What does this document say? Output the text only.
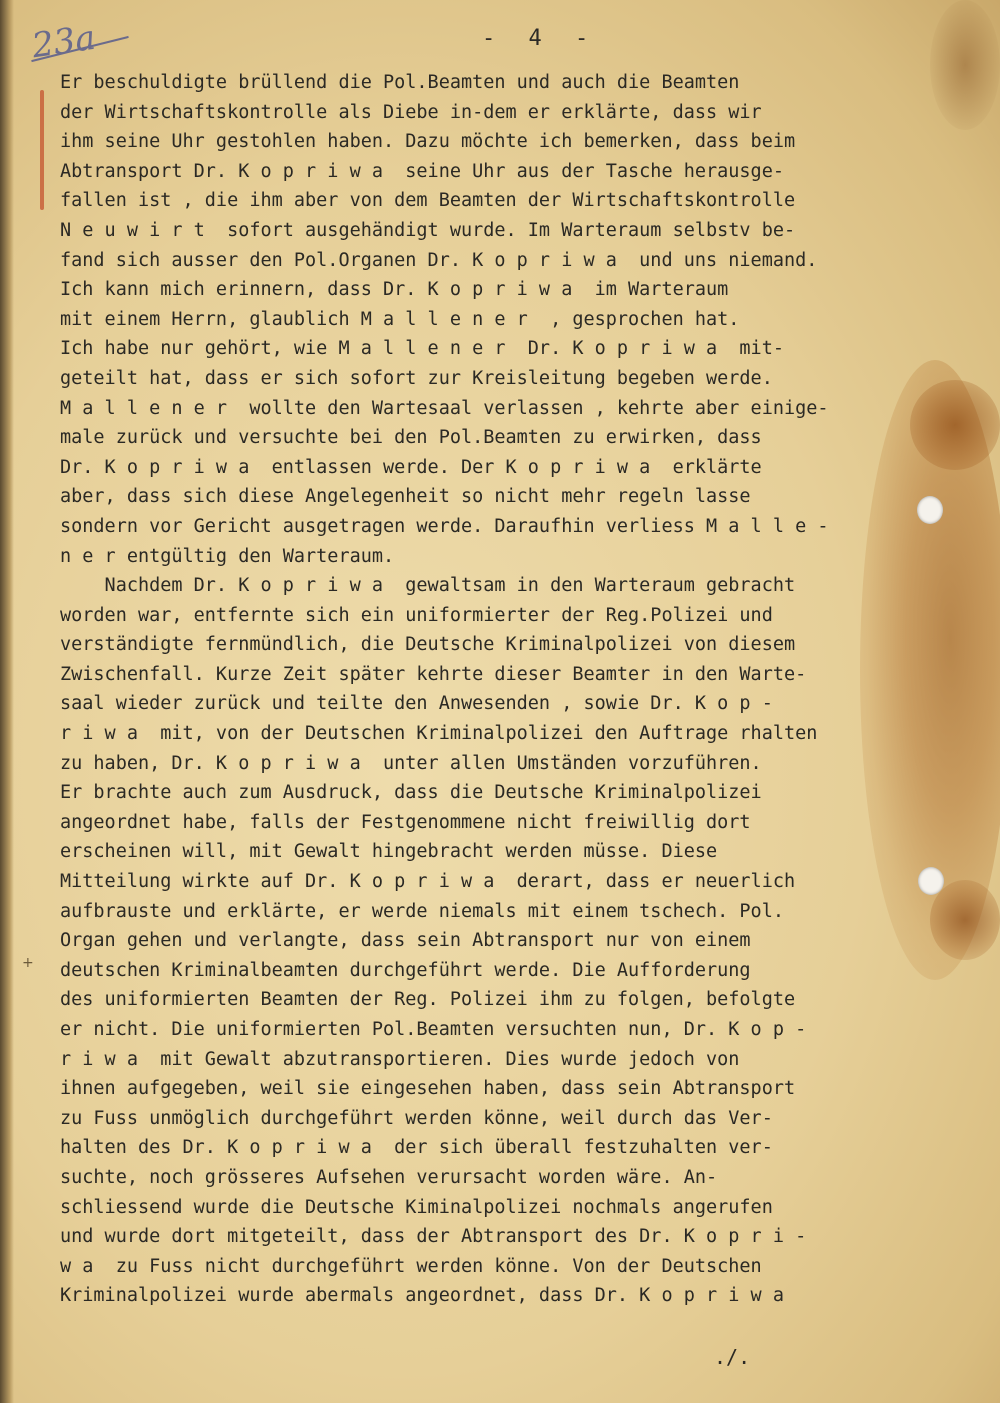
23a	- 4 -
+
Er beschuldigte brüllend die Pol.Beamten und auch die Beamten
der Wirtschaftskontrolle als Diebe in-dem er erklärte, dass wir
ihm seine Uhr gestohlen haben. Dazu möchte ich bemerken, dass beim
Abtransport Dr. K o p r i w a  seine Uhr aus der Tasche herausge-
fallen ist , die ihm aber von dem Beamten der Wirtschaftskontrolle
N e u w i r t  sofort ausgehändigt wurde. Im Warteraum selbstv be-
fand sich ausser den Pol.Organen Dr. K o p r i w a  und uns niemand.
Ich kann mich erinnern, dass Dr. K o p r i w a  im Warteraum
mit einem Herrn, glaublich M a l l e n e r  , gesprochen hat.
Ich habe nur gehört, wie M a l l e n e r  Dr. K o p r i w a  mit-
geteilt hat, dass er sich sofort zur Kreisleitung begeben werde.
M a l l e n e r  wollte den Wartesaal verlassen , kehrte aber einige-
male zurück und versuchte bei den Pol.Beamten zu erwirken, dass
Dr. K o p r i w a  entlassen werde. Der K o p r i w a  erklärte
aber, dass sich diese Angelegenheit so nicht mehr regeln lasse
sondern vor Gericht ausgetragen werde. Daraufhin verliess M a l l e -
n e r entgültig den Warteraum.
Nachdem Dr. K o p r i w a  gewaltsam in den Warteraum gebracht
worden war, entfernte sich ein uniformierter der Reg.Polizei und
verständigte fernmündlich, die Deutsche Kriminalpolizei von diesem
Zwischenfall. Kurze Zeit später kehrte dieser Beamter in den Warte-
saal wieder zurück und teilte den Anwesenden , sowie Dr. K o p -
r i w a  mit, von der Deutschen Kriminalpolizei den Auftrage rhalten
zu haben, Dr. K o p r i w a  unter allen Umständen vorzuführen.
Er brachte auch zum Ausdruck, dass die Deutsche Kriminalpolizei
angeordnet habe, falls der Festgenommene nicht freiwillig dort
erscheinen will, mit Gewalt hingebracht werden müsse. Diese
Mitteilung wirkte auf Dr. K o p r i w a  derart, dass er neuerlich
aufbrauste und erklärte, er werde niemals mit einem tschech. Pol.
Organ gehen und verlangte, dass sein Abtransport nur von einem
deutschen Kriminalbeamten durchgeführt werde. Die Aufforderung
des uniformierten Beamten der Reg. Polizei ihm zu folgen, befolgte
er nicht. Die uniformierten Pol.Beamten versuchten nun, Dr. K o p -
r i w a  mit Gewalt abzutransportieren. Dies wurde jedoch von
ihnen aufgegeben, weil sie eingesehen haben, dass sein Abtransport
zu Fuss unmöglich durchgeführt werden könne, weil durch das Ver-
halten des Dr. K o p r i w a  der sich überall festzuhalten ver-
suchte, noch grösseres Aufsehen verursacht worden wäre. An-
schliessend wurde die Deutsche Kiminalpolizei nochmals angerufen
und wurde dort mitgeteilt, dass der Abtransport des Dr. K o p r i -
w a  zu Fuss nicht durchgeführt werden könne. Von der Deutschen
Kriminalpolizei wurde abermals angeordnet, dass Dr. K o p r i w a
./.
